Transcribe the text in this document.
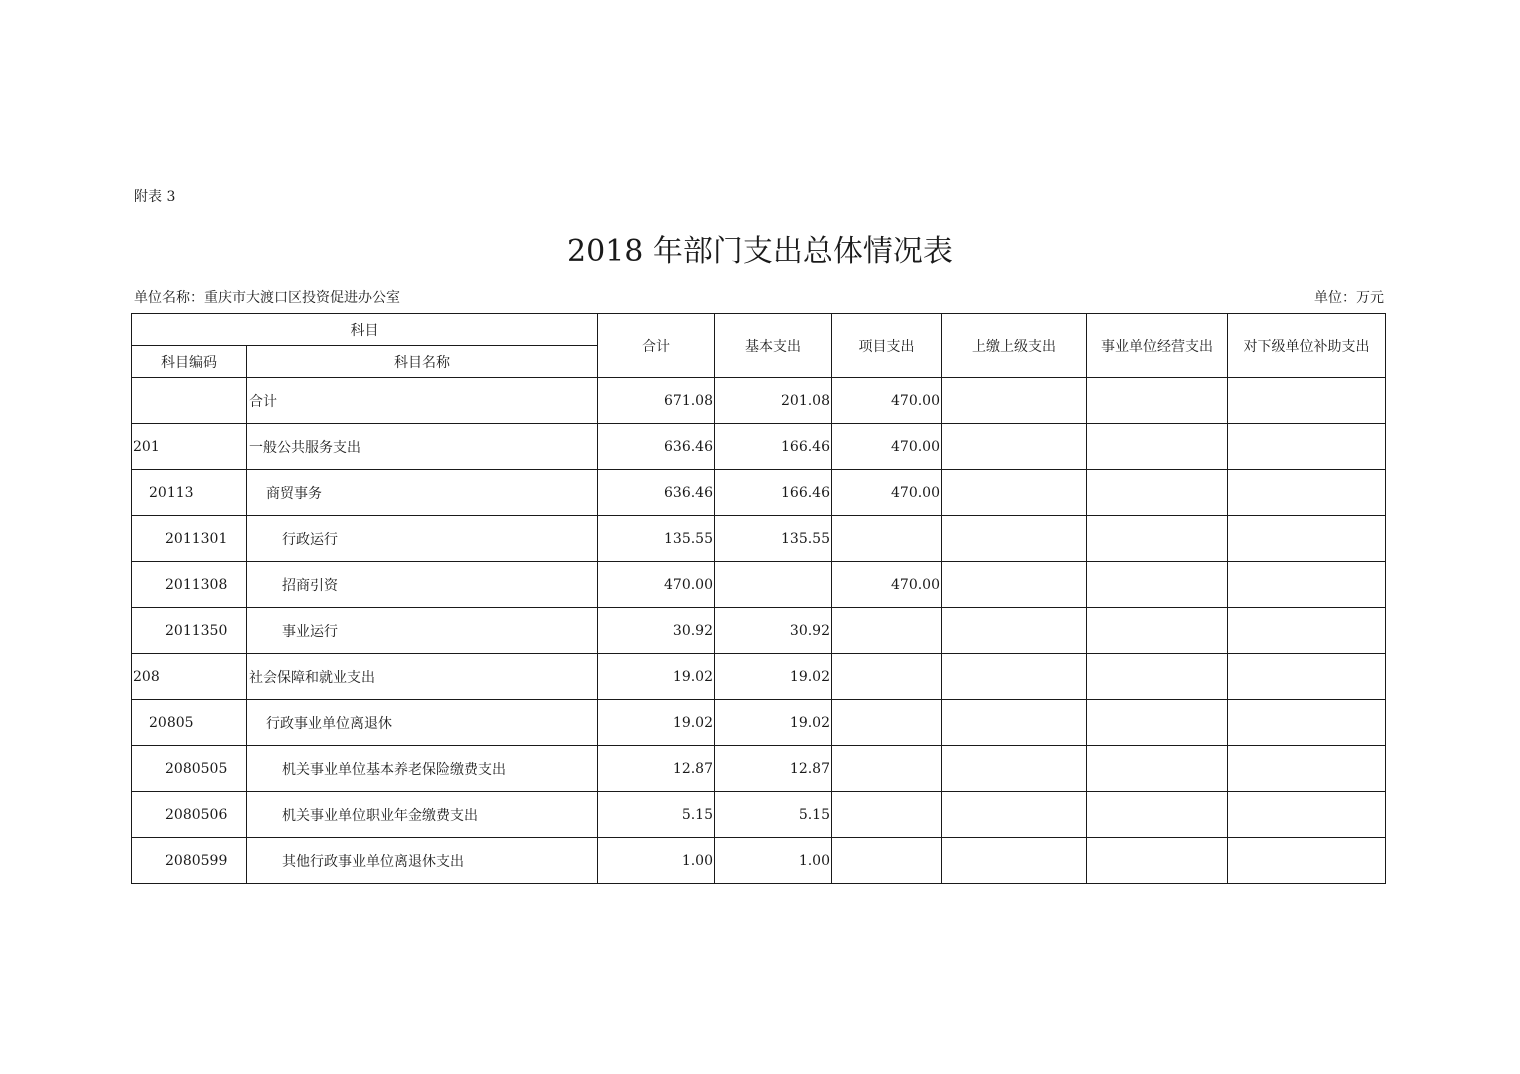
附表 3
2018 年部门支出总体情况表
单位名称：重庆市大渡口区投资促进办公室	单位：万元
科目		合计	基本支出	项目支出	上缴上级支出	事业单位经营支出	对下级单位补助支出
科目编码	科目名称						
	合计	671.08	201.08	470.00			
201	一般公共服务支出	636.46	166.46	470.00			
20113	商贸事务	636.46	166.46	470.00			
2011301	行政运行	135.55	135.55				
2011308	招商引资	470.00		470.00			
2011350	事业运行	30.92	30.92				
208	社会保障和就业支出	19.02	19.02				
20805	行政事业单位离退休	19.02	19.02				
2080505	机关事业单位基本养老保险缴费支出	12.87	12.87				
2080506	机关事业单位职业年金缴费支出	5.15	5.15				
2080599	其他行政事业单位离退休支出	1.00	1.00				
